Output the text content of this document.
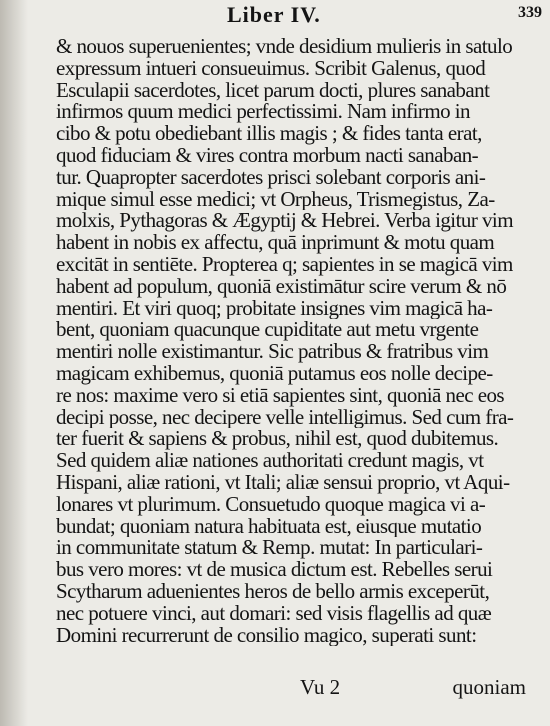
Liber IV.	339
& nouos superuenientes; vnde desidium mulieris in satulo
expressum intueri consueuimus. Scribit Galenus, quod
Esculapii sacerdotes, licet parum docti, plures sanabant
infirmos quum medici perfectissimi. Nam infirmo in
cibo & potu obediebant illis magis ; & fides tanta erat,
quod fiduciam & vires contra morbum nacti sanaban-
tur. Quapropter sacerdotes prisci solebant corporis ani-
mique simul esse medici; vt Orpheus, Trismegistus, Za-
molxis, Pythagoras & Ægyptij & Hebrei. Verba igitur vim
habent in nobis ex affectu, quā inprimunt & motu quam
excitāt in sentiēte. Propterea q; sapientes in se magicā vim
habent ad populum, quoniā existimātur scire verum & nō
mentiri. Et viri quoq; probitate insignes vim magicā ha-
bent, quoniam quacunque cupiditate aut metu vrgente
mentiri nolle existimantur. Sic patribus & fratribus vim
magicam exhibemus, quoniā putamus eos nolle decipe-
re nos: maxime vero si etiā sapientes sint, quoniā nec eos
decipi posse, nec decipere velle intelligimus. Sed cum fra-
ter fuerit & sapiens & probus, nihil est, quod dubitemus.
Sed quidem aliæ nationes authoritati credunt magis, vt
Hispani, aliæ rationi, vt Itali; aliæ sensui proprio, vt Aqui-
lonares vt plurimum. Consuetudo quoque magica vi a-
bundat; quoniam natura habituata est, eiusque mutatio
in communitate statum & Remp. mutat: In particulari-
bus vero mores: vt de musica dictum est. Rebelles serui
Scytharum aduenientes heros de bello armis exceperūt,
nec potuere vinci, aut domari: sed visis flagellis ad quæ
Domini recurrerunt de consilio magico, superati sunt:
Vu 2	quoniam
